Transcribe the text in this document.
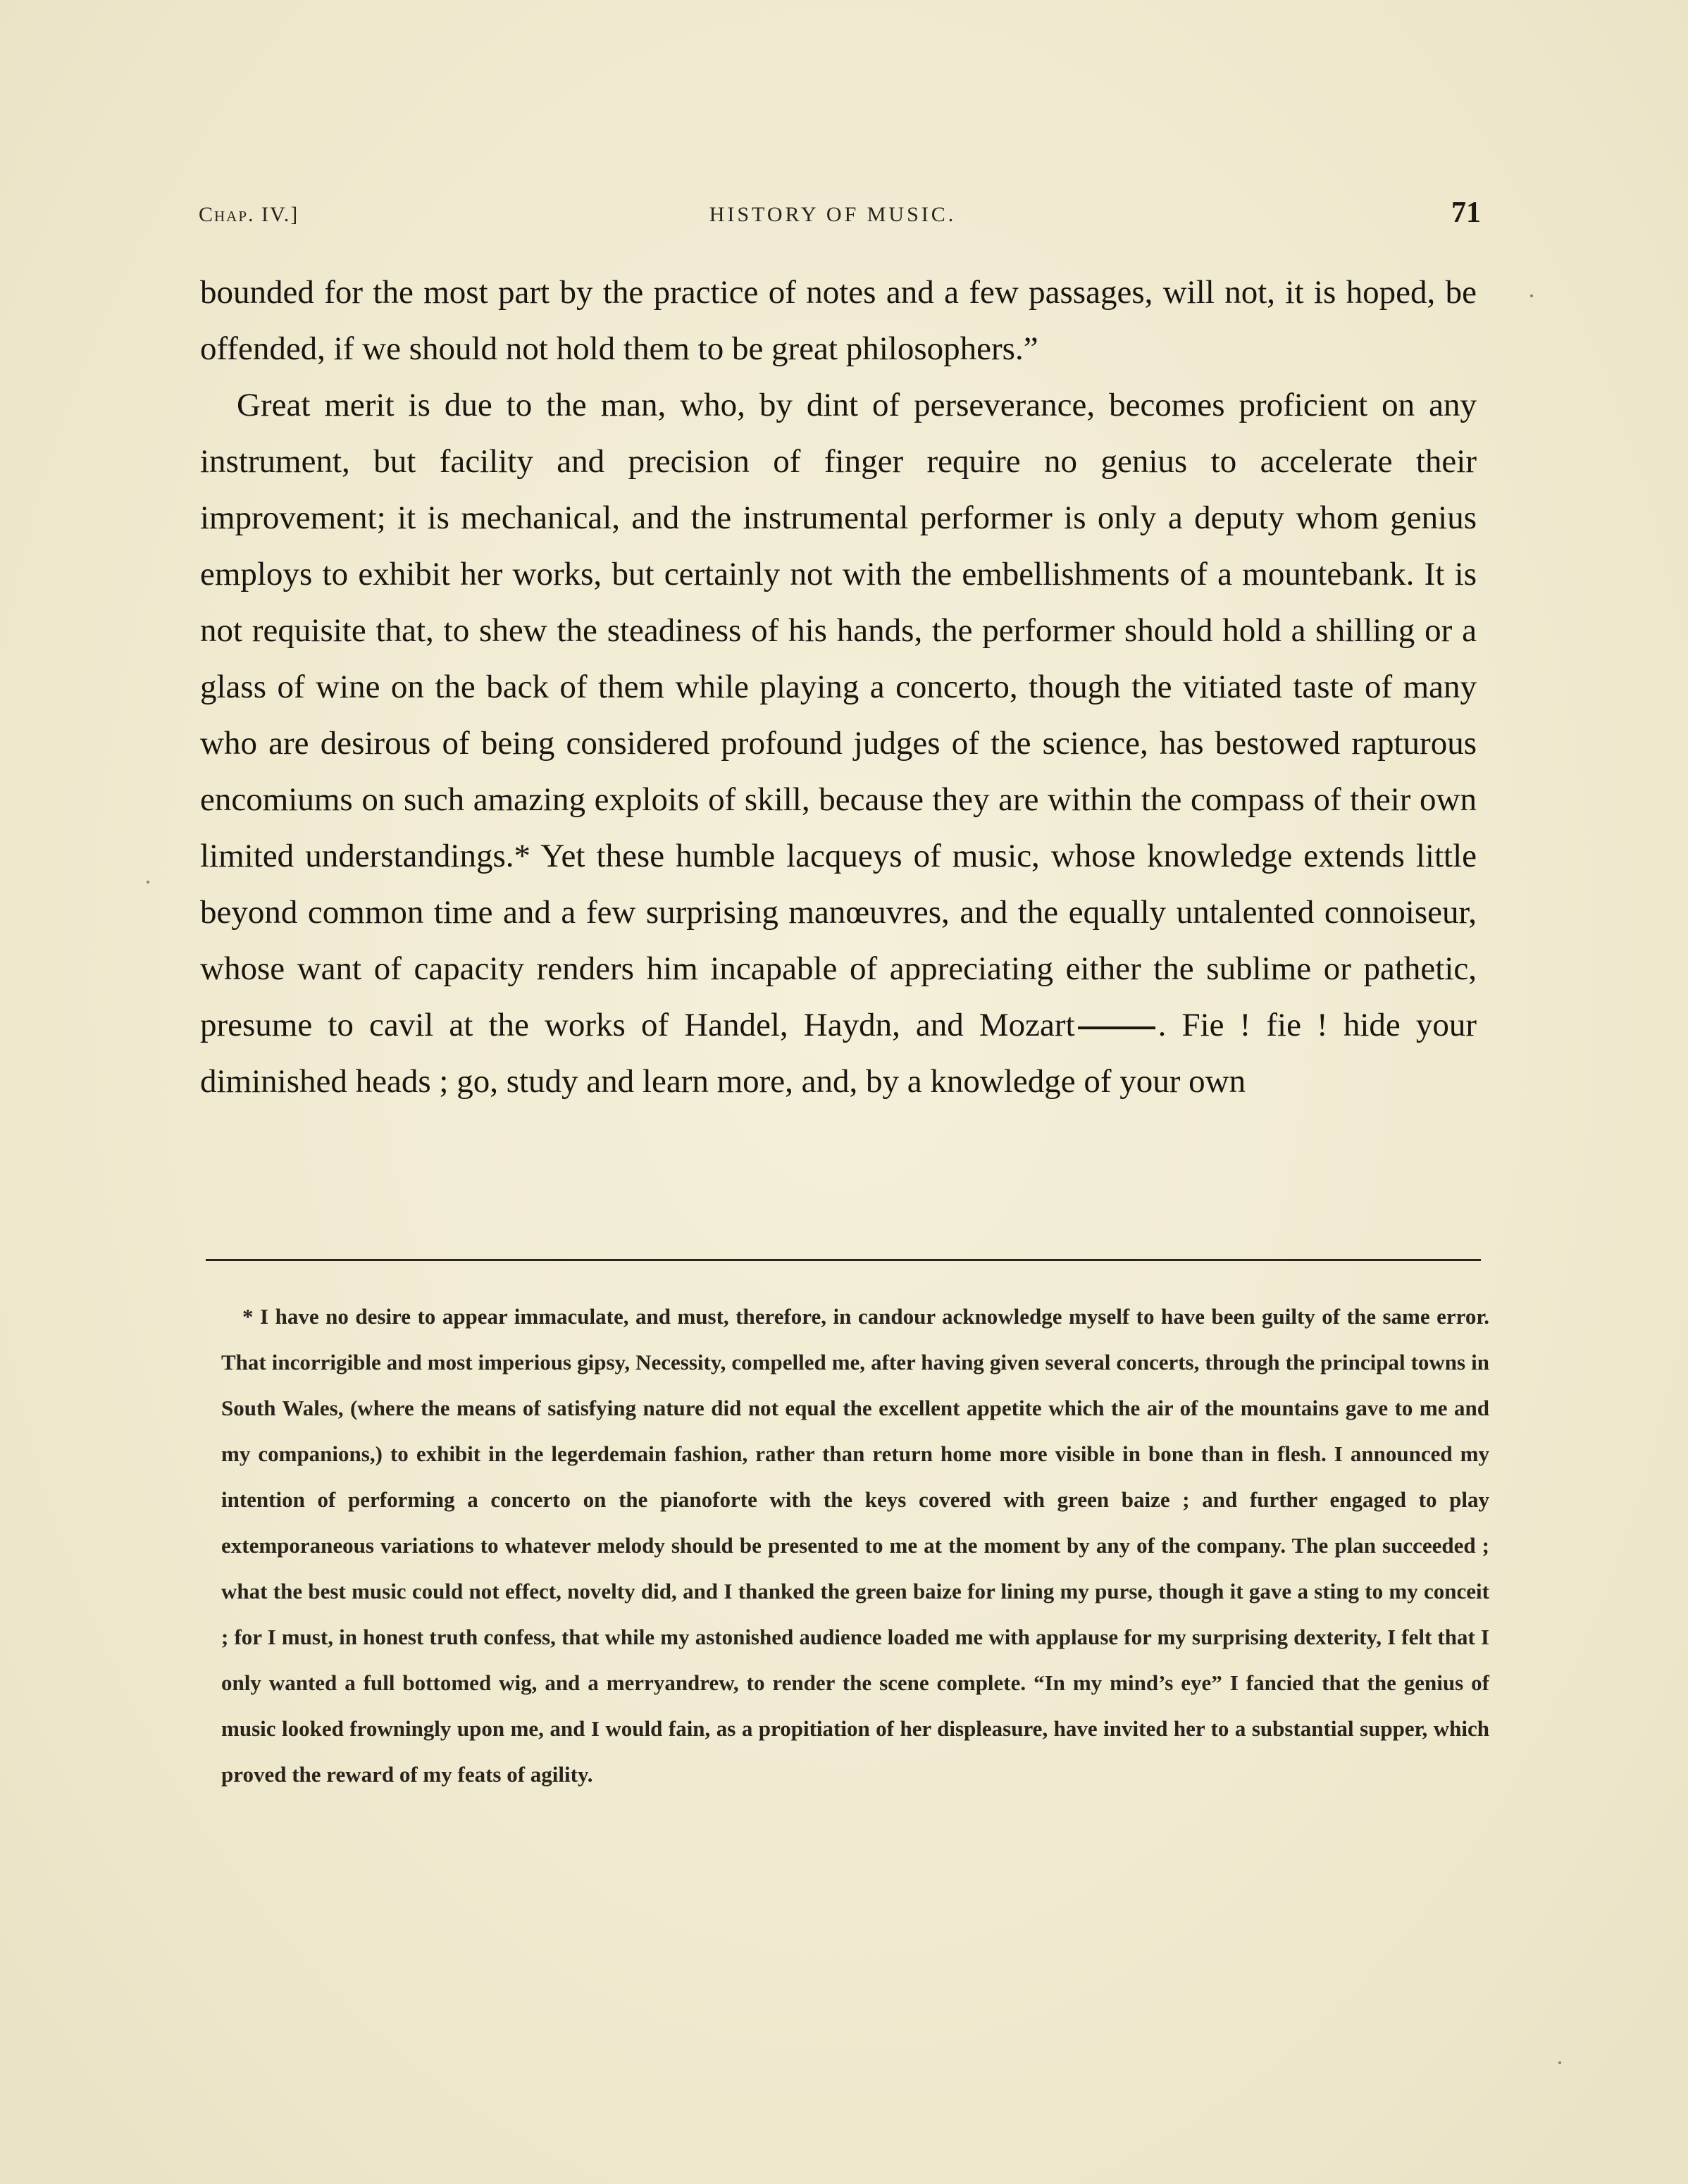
Chap. IV.]	HISTORY OF MUSIC.	71

bounded for the most part by the practice of notes and a few passages, will not, it is hoped, be offended, if we should not hold them to be great philosophers.”

Great merit is due to the man, who, by dint of perseverance, becomes proficient on any instrument, but facility and precision of finger require no genius to accelerate their improvement; it is mechanical, and the instrumental performer is only a deputy whom genius employs to exhibit her works, but certainly not with the embellishments of a mountebank. It is not requisite that, to shew the steadiness of his hands, the performer should hold a shilling or a glass of wine on the back of them while playing a concerto, though the vitiated taste of many who are desirous of being considered profound judges of the science, has bestowed rapturous encomiums on such amazing exploits of skill, because they are within the compass of their own limited understandings.* Yet these humble lacqueys of music, whose knowledge extends little beyond common time and a few surprising manœuvres, and the equally untalented connoiseur, whose want of capacity renders him incapable of appreciating either the sublime or pathetic, presume to cavil at the works of Handel, Haydn, and Mozart	. Fie ! fie ! hide your diminished heads ; go, study and learn more, and, by a knowledge of your own

* I have no desire to appear immaculate, and must, therefore, in candour acknowledge myself to have been guilty of the same error. That incorrigible and most imperious gipsy, Necessity, compelled me, after having given several concerts, through the principal towns in South Wales, (where the means of satisfying nature did not equal the excellent appetite which the air of the mountains gave to me and my companions,) to exhibit in the legerdemain fashion, rather than return home more visible in bone than in flesh. I announced my intention of performing a concerto on the pianoforte with the keys covered with green baize ; and further engaged to play extemporaneous variations to whatever melody should be presented to me at the moment by any of the company. The plan succeeded ; what the best music could not effect, novelty did, and I thanked the green baize for lining my purse, though it gave a sting to my conceit ; for I must, in honest truth confess, that while my astonished audience loaded me with applause for my surprising dexterity, I felt that I only wanted a full bottomed wig, and a merryandrew, to render the scene complete. “In my mind’s eye” I fancied that the genius of music looked frowningly upon me, and I would fain, as a propitiation of her displeasure, have invited her to a substantial supper, which proved the reward of my feats of agility.
